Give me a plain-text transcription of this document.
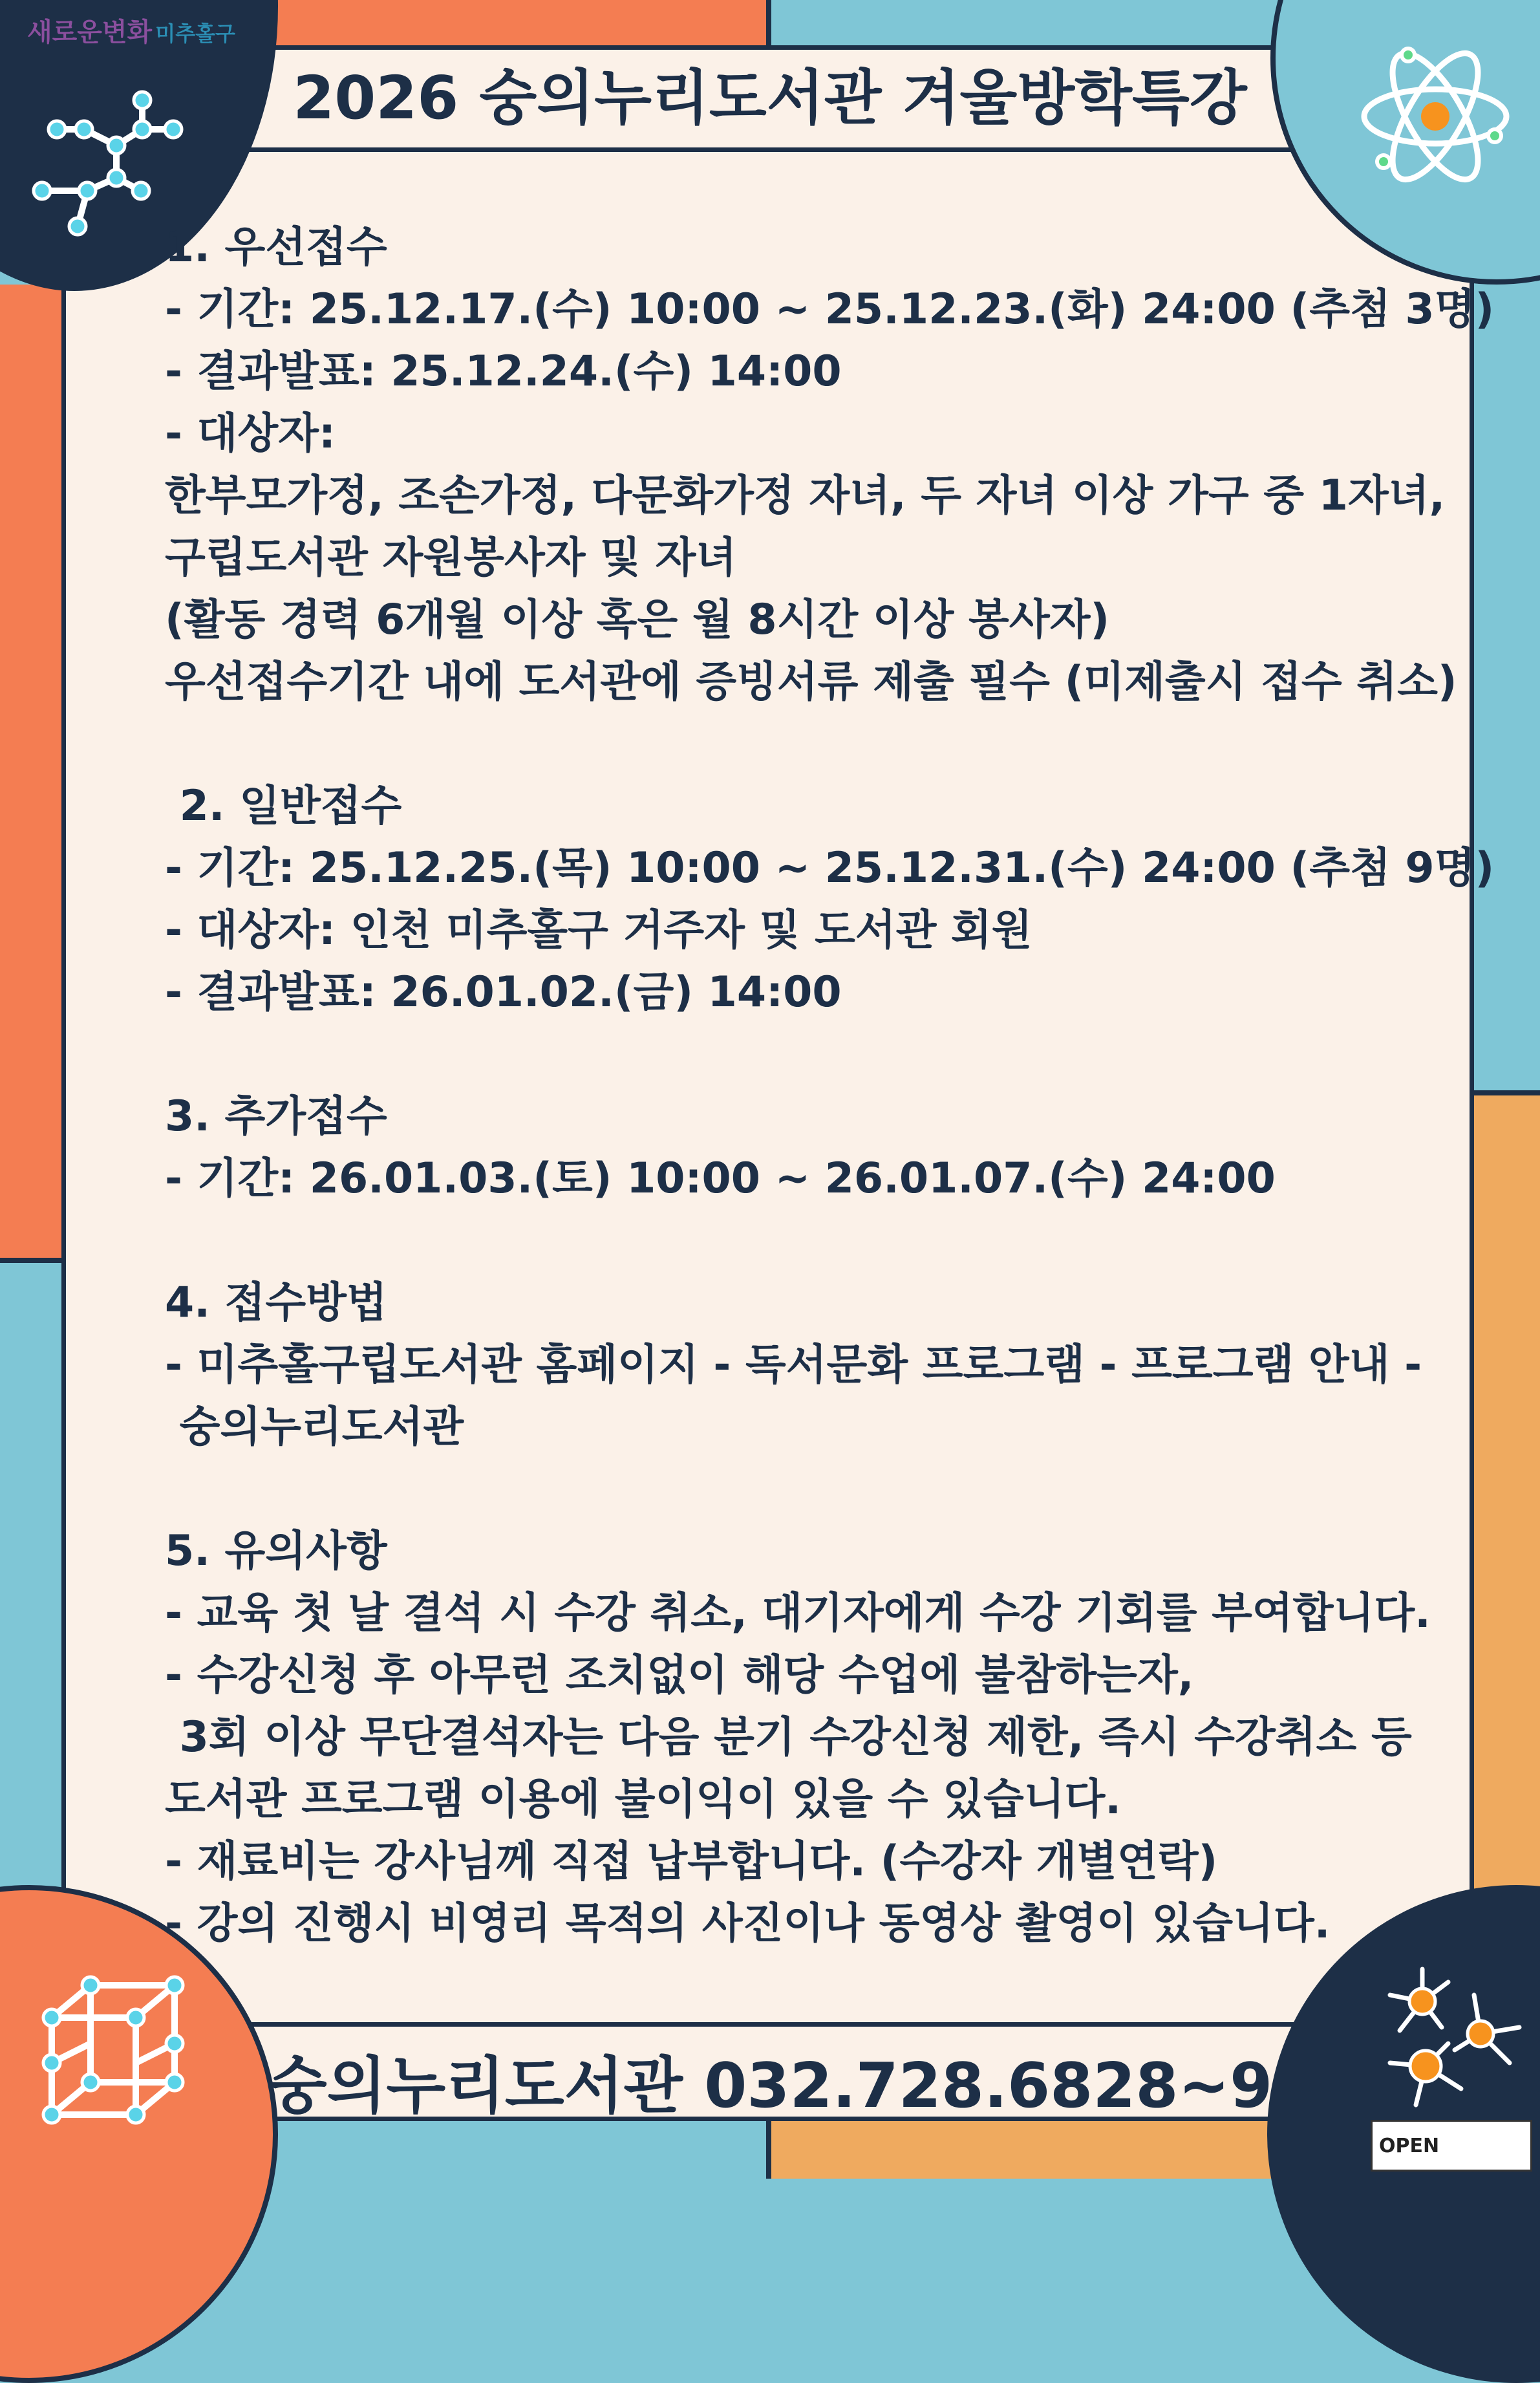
새로운변화 미추홀구
2026 숭의누리도서관 겨울방학특강
1. 우선접수
- 기간: 25.12.17.(수) 10:00 ~ 25.12.23.(화) 24:00 (추첨 3명)
- 결과발표: 25.12.24.(수) 14:00
- 대상자:
한부모가정, 조손가정, 다문화가정 자녀, 두 자녀 이상 가구 중 1자녀,
구립도서관 자원봉사자 및 자녀
(활동 경력 6개월 이상 혹은 월 8시간 이상 봉사자)
우선접수기간 내에 도서관에 증빙서류 제출 필수 (미제출시 접수 취소)
2. 일반접수
- 기간: 25.12.25.(목) 10:00 ~ 25.12.31.(수) 24:00 (추첨 9명)
- 대상자: 인천 미추홀구 거주자 및 도서관 회원
- 결과발표: 26.01.02.(금) 14:00
3. 추가접수
- 기간: 26.01.03.(토) 10:00 ~ 26.01.07.(수) 24:00
4. 접수방법
- 미추홀구립도서관 홈페이지 - 독서문화 프로그램 - 프로그램 안내 -
숭의누리도서관
5. 유의사항
- 교육 첫 날 결석 시 수강 취소, 대기자에게 수강 기회를 부여합니다.
- 수강신청 후 아무런 조치없이 해당 수업에 불참하는자,
3회 이상 무단결석자는 다음 분기 수강신청 제한, 즉시 수강취소 등
도서관 프로그램 이용에 불이익이 있을 수 있습니다.
- 재료비는 강사님께 직접 납부합니다. (수강자 개별연락)
- 강의 진행시 비영리 목적의 사진이나 동영상 촬영이 있습니다.
숭의누리도서관 032.728.6828~9
OPEN
